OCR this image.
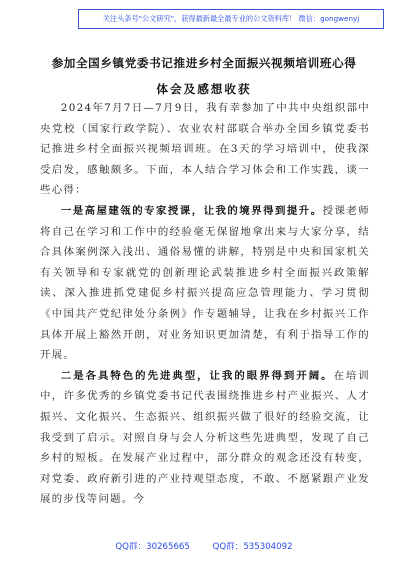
关注头条号"公文研究"，获得最新最全最专业的公文资料库！ 微信：gongwenyj
参加全国乡镇党委书记推进乡村全面振兴视频培训班心得
体会及感想收获

2024年7月7日—7月9日，我有幸参加了中共中央组织部中央党校（国家行政学院）、农业农村部联合举办全国乡镇党委书记推进乡村全面振兴视频培训班。在3天的学习培训中，使我深受启发，感触颇多。下面，本人结合学习体会和工作实践，谈一些心得：

一是高屋建瓴的专家授课，让我的境界得到提升。授课老师将自己在学习和工作中的经验毫无保留地拿出来与大家分享，结合具体案例深入浅出、通俗易懂的讲解，特别是中央和国家机关有关领导和专家就党的创新理论武装推进乡村全面振兴政策解读、深入推进抓党建促乡村振兴提高应急管理能力、学习贯彻《中国共产党纪律处分条例》作专题辅导，让我在乡村振兴工作具体开展上豁然开朗，对业务知识更加清楚，有利于指导工作的开展。

二是各具特色的先进典型，让我的眼界得到开阔。在培训中，许多优秀的乡镇党委书记代表围绕推进乡村产业振兴、人才振兴、文化振兴、生态振兴、组织振兴做了很好的经验交流，让我受到了启示。对照自身与会人分析这些先进典型，发现了自己乡村的短板。在发展产业过程中，部分群众的观念还没有转变，对党委、政府新引进的产业持观望态度，不敢、不愿紧跟产业发展的步伐等问题。今

QQ群：30265665	QQ群：535304092
